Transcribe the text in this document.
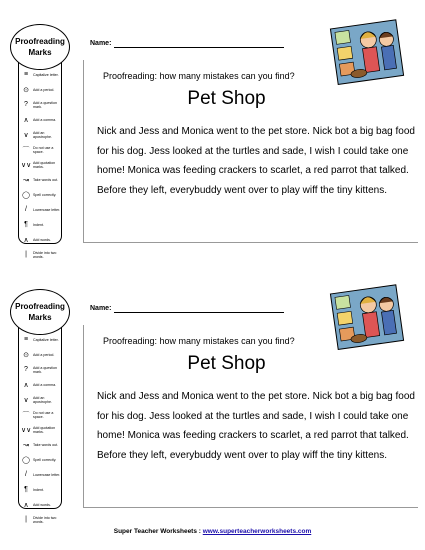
Proofreading Marks
≡	Capitalize letter.
⊙	Add a period.
?	Add a question mark.
∧	Add a comma.
∨	Add an apostrophe.
⌒ Do not use a space.
∨∨ Add quotation marks.
↝	Take words out.
◯ Spell correctly.
/	Lowercase letter.
¶	Indent.
∧	Add words.
|	Divide into two words.
Name:
Proofreading: how many mistakes can you find?
Pet Shop
Nick and Jess and Monica went to the pet store. Nick bot a big bag food for his dog. Jess looked at the turtles and sade, I wish I could take one home! Monica was feeding crackers to scarlet, a red parrot that talked. Before they left, everybuddy went over to play wiff the tiny kittens.
Proofreading Marks
≡	Capitalize letter.
⊙	Add a period.
?	Add a question mark.
∧	Add a comma.
∨	Add an apostrophe.
⌒ Do not use a space.
∨∨ Add quotation marks.
↝	Take words out.
◯ Spell correctly.
/	Lowercase letter.
¶	Indent.
∧	Add words.
|	Divide into two words.
Name:
Proofreading: how many mistakes can you find?
Pet Shop
Nick and Jess and Monica went to the pet store. Nick bot a big bag food for his dog. Jess looked at the turtles and sade, I wish I could take one home! Monica was feeding crackers to scarlet, a red parrot that talked. Before they left, everybuddy went over to play wiff the tiny kittens.
Super Teacher Worksheets : www.superteacherworksheets.com
